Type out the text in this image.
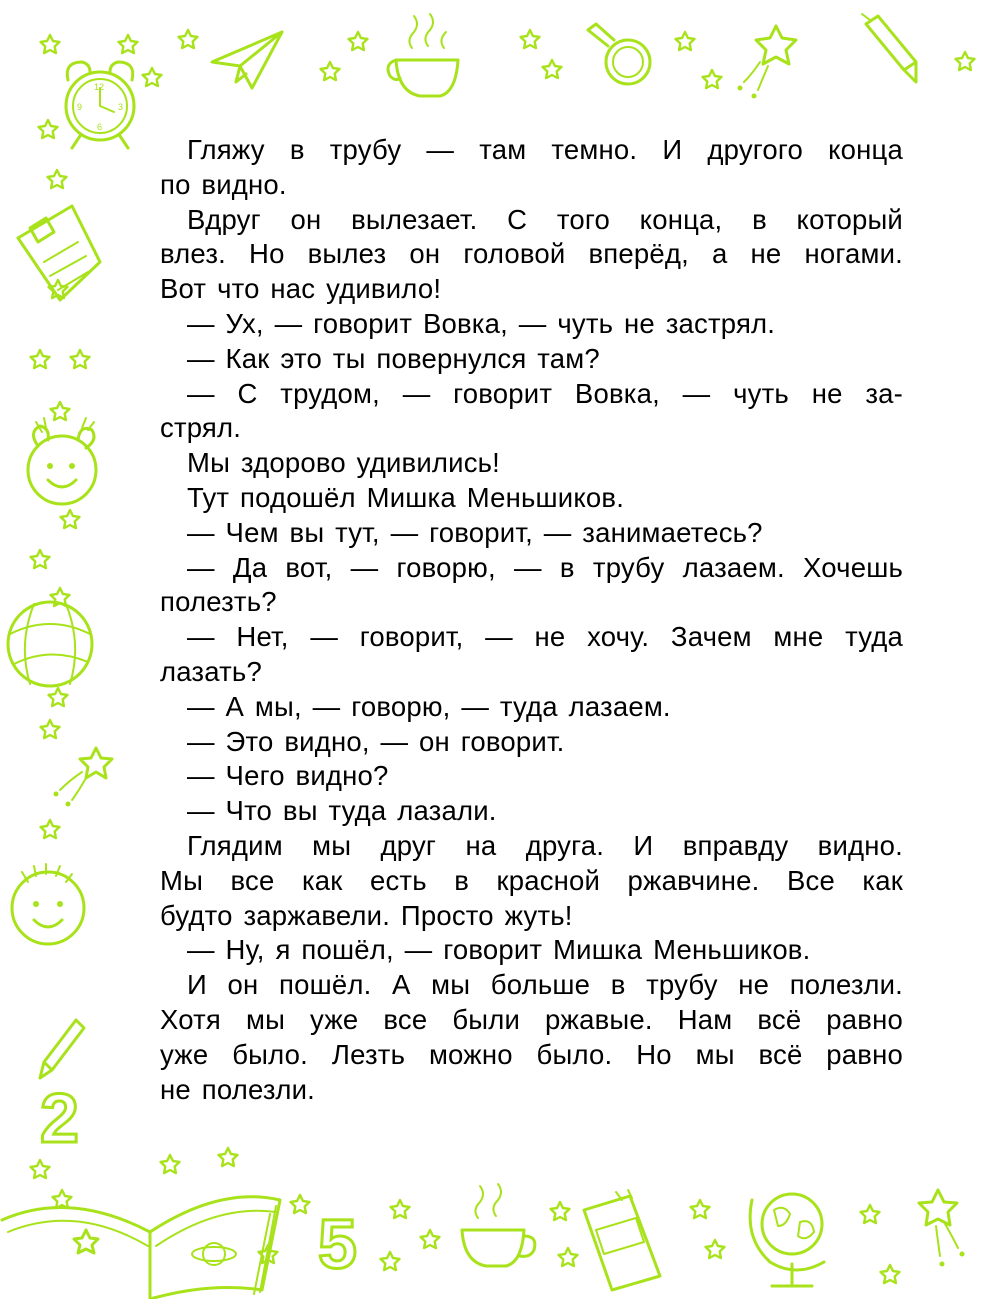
12
3
6
9
2
5
Гляжу в трубу — там темно. И другого конца
по видно.
Вдруг он вылезает. С того конца, в который
влез. Но вылез он головой вперёд, а не ногами.
Вот что нас удивило!
— Ух, — говорит Вовка, — чуть не застрял.
— Как это ты повернулся там?
— С трудом, — говорит Вовка, — чуть не за-
стрял.
Мы здорово удивились!
Тут подошёл Мишка Меньшиков.
— Чем вы тут, — говорит, — занимаетесь?
— Да вот, — говорю, — в трубу лазаем. Хочешь
полезть?
— Нет, — говорит, — не хочу. Зачем мне туда
лазать?
— А мы, — говорю, — туда лазаем.
— Это видно, — он говорит.
— Чего видно?
— Что вы туда лазали.
Глядим мы друг на друга. И вправду видно.
Мы все как есть в красной ржавчине. Все как
будто заржавели. Просто жуть!
— Ну, я пошёл, — говорит Мишка Меньшиков.
И он пошёл. А мы больше в трубу не полезли.
Хотя мы уже все были ржавые. Нам всё равно
уже было. Лезть можно было. Но мы всё равно
не полезли.
